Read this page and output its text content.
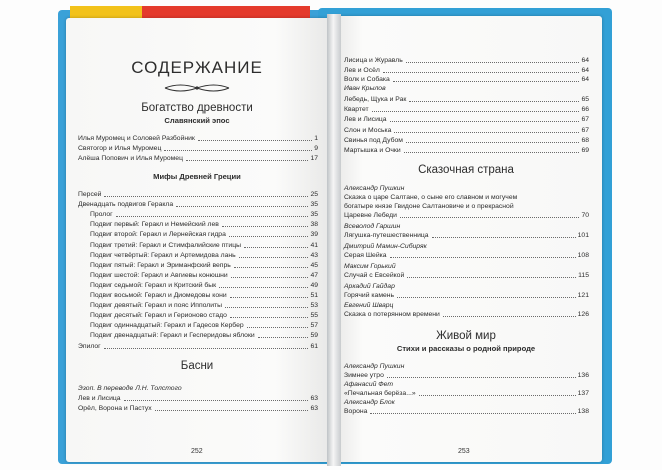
СОДЕРЖАНИЕ
Богатство древности
Славянский эпос
Илья Муромец и Соловей Разбойник	1
Святогор и Илья Муромец	9
Алёша Попович и Илья Муромец	17
Мифы Древней Греции
Персей	25
Двенадцать подвигов Геракла	35
Пролог	35
Подвиг первый: Геракл и Немейский лев	38
Подвиг второй: Геракл и Лернейская гидра	39
Подвиг третий: Геракл и Стимфалийские птицы	41
Подвиг четвёртый: Геракл и Артемидова лань	43
Подвиг пятый: Геракл и Эриманфский вепрь	45
Подвиг шестой: Геракл и Авгиевы конюшни	47
Подвиг седьмой: Геракл и Критский бык	49
Подвиг восьмой: Геракл и Диомедовы кони	51
Подвиг девятый: Геракл и пояс Ипполиты	53
Подвиг десятый: Геракл и Герионово стадо	55
Подвиг одиннадцатый: Геракл и Гадесов Кербер	57
Подвиг двенадцатый: Геракл и Гесперидовы яблоки	59
Эпилог	61
Басни
Эзоп. В переводе Л.Н. Толстого
Лев и Лисица	63
Орёл, Ворона и Пастух	63
252
Лисица и Журавль	64
Лев и Осёл	64
Волк и Собака	64
Иван Крылов
Лебедь, Щука и Рак	65
Квартет	66
Лев и Лисица	67
Слон и Моська	67
Свинья под Дубом	68
Мартышка и Очки	69
Сказочная страна
Александр Пушкин
Сказка о царе Салтане, о сыне его славном и могучем
богатыре князе Гвидоне Салтановиче и о прекрасной
Царевне Лебеди	70
Всеволод Гаршин
Лягушка-путешественница	101
Дмитрий Мамин-Сибиряк
Серая Шейка	108
Максим Горький
Случай с Евсейкой	115
Аркадий Гайдар
Горячий камень	121
Евгений Шварц
Сказка о потерянном времени	126
Живой мир
Стихи и рассказы о родной природе
Александр Пушкин
Зимнее утро	136
Афанасий Фет
«Печальная берёза...»	137
Александр Блок
Ворона	138
253
